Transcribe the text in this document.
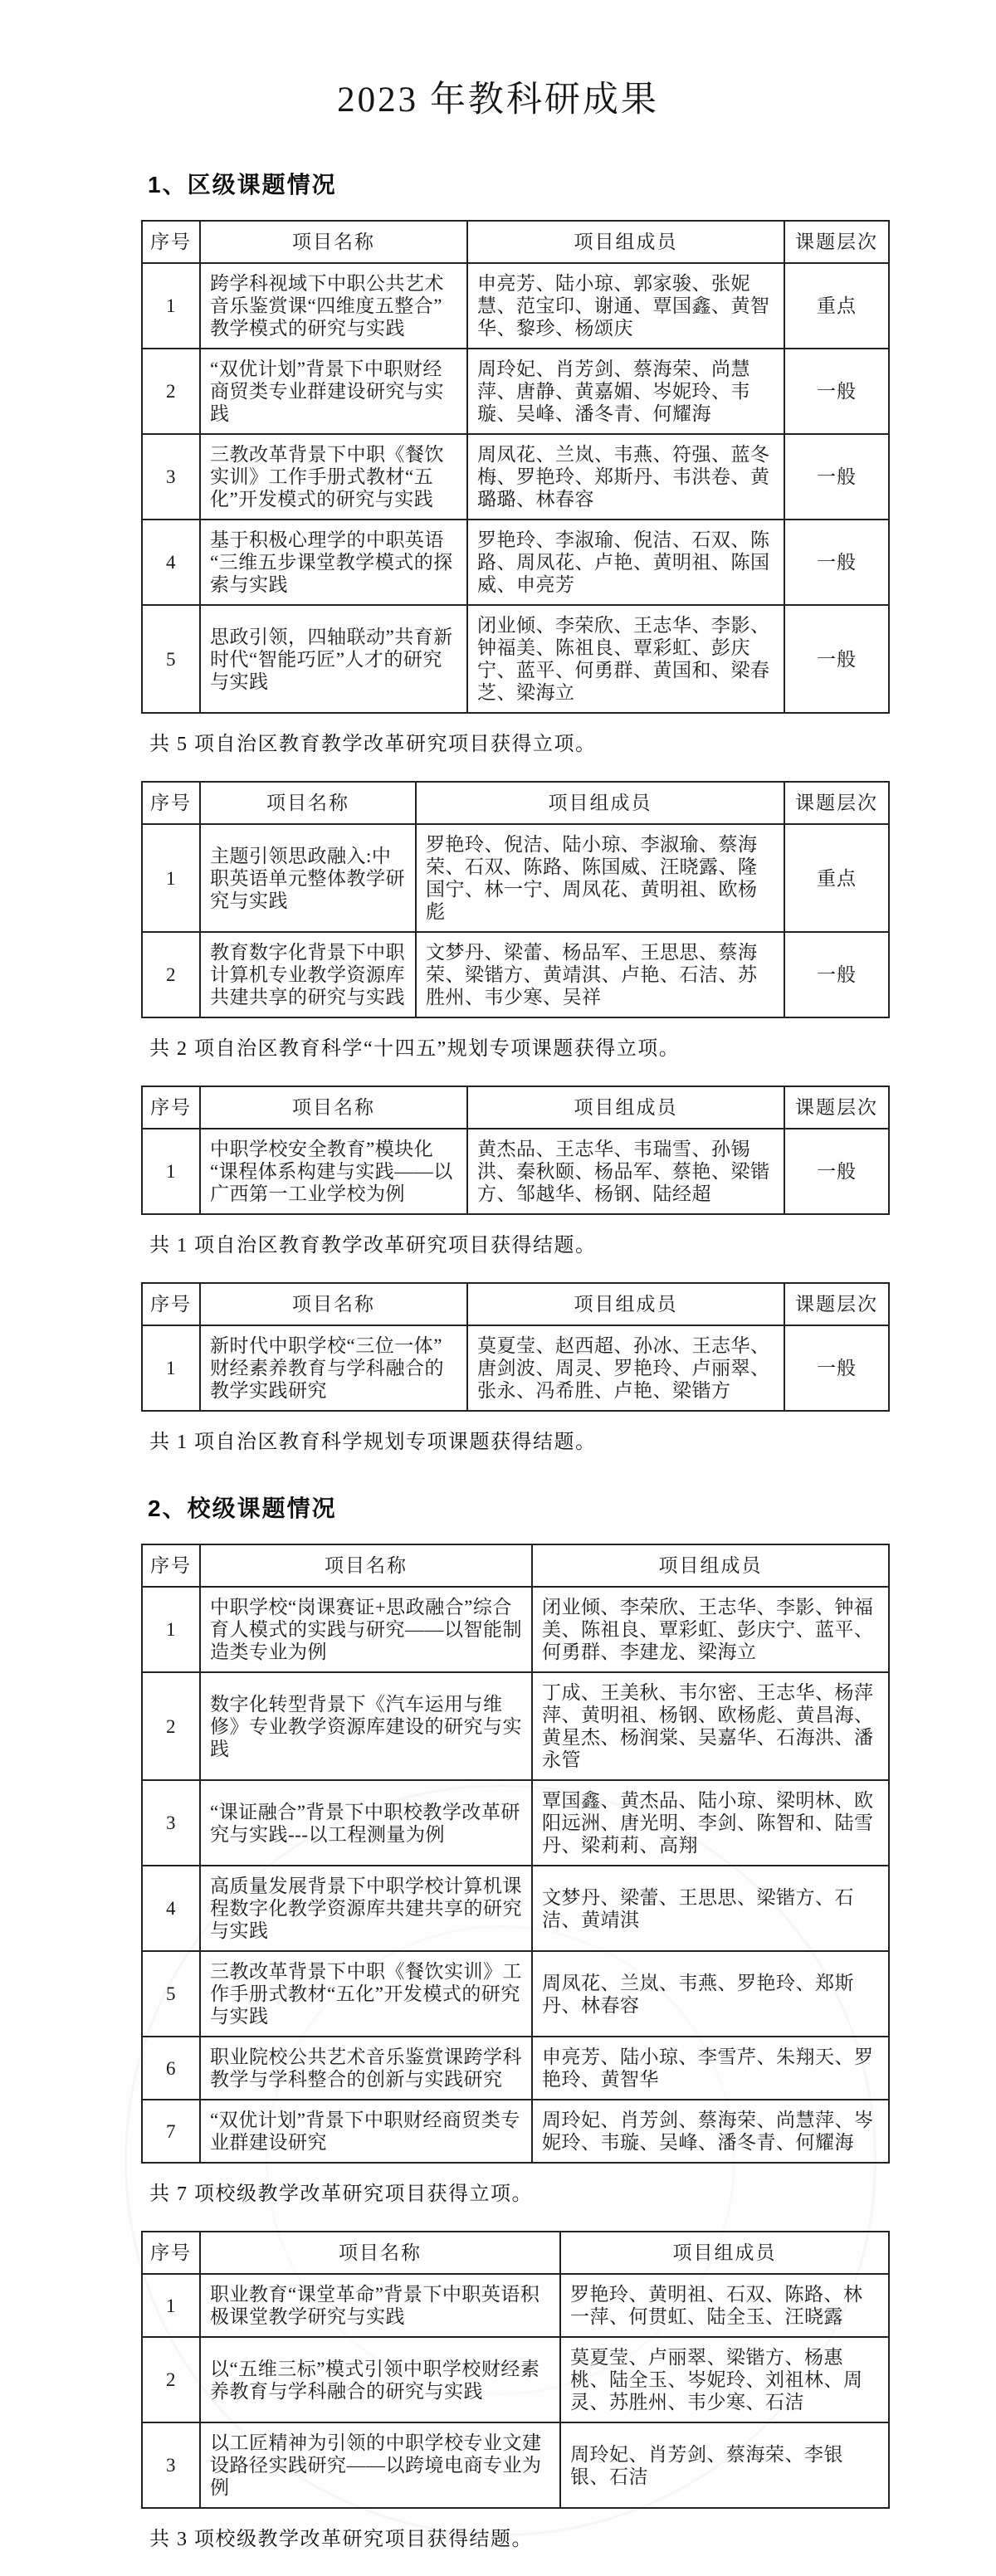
2023 年教科研成果
1、区级课题情况
序号	项目名称	项目组成员	课题层次
1	跨学科视域下中职公共艺术音乐鉴赏课“四维度五整合”教学模式的研究与实践	申亮芳、陆小琼、郭家骏、张妮慧、范宝印、谢通、覃国鑫、黄智华、黎珍、杨颂庆	重点
2	“双优计划”背景下中职财经商贸类专业群建设研究与实践	周玲妃、肖芳剑、蔡海荣、尚慧萍、唐静、黄嘉媚、岑妮玲、韦璇、吴峰、潘冬青、何耀海	一般
3	三教改革背景下中职《餐饮实训》工作手册式教材“五化”开发模式的研究与实践	周凤花、兰岚、韦燕、符强、蓝冬梅、罗艳玲、郑斯丹、韦洪卷、黄璐璐、林春容	一般
4	基于积极心理学的中职英语“三维五步课堂教学模式的探索与实践	罗艳玲、李淑瑜、倪洁、石双、陈路、周凤花、卢艳、黄明祖、陈国威、申亮芳	一般
5	思政引领，四轴联动”共育新时代“智能巧匠”人才的研究与实践	闭业倾、李荣欣、王志华、李影、钟福美、陈祖良、覃彩虹、彭庆宁、蓝平、何勇群、黄国和、梁春芝、梁海立	一般

共 5 项自治区教育教学改革研究项目获得立项。

序号	项目名称	项目组成员	课题层次
1	主题引领思政融入:中职英语单元整体教学研究与实践	罗艳玲、倪洁、陆小琼、李淑瑜、蔡海荣、石双、陈路、陈国威、汪晓露、隆国宁、林一宁、周凤花、黄明祖、欧杨彪	重点
2	教育数字化背景下中职计算机专业教学资源库共建共享的研究与实践	文梦丹、梁蕾、杨品军、王思思、蔡海荣、梁锴方、黄靖淇、卢艳、石洁、苏胜州、韦少寒、吴祥	一般

共 2 项自治区教育科学“十四五”规划专项课题获得立项。

序号	项目名称	项目组成员	课题层次
1	中职学校安全教育”模块化“课程体系构建与实践——以广西第一工业学校为例	黄杰品、王志华、韦瑞雪、孙锡洪、秦秋颐、杨品军、蔡艳、梁锴方、邹越华、杨钢、陆经超	一般

共 1 项自治区教育教学改革研究项目获得结题。

序号	项目名称	项目组成员	课题层次
1	新时代中职学校“三位一体”财经素养教育与学科融合的教学实践研究	莫夏莹、赵西超、孙冰、王志华、唐剑波、周灵、罗艳玲、卢丽翠、张永、冯希胜、卢艳、梁锴方	一般

共 1 项自治区教育科学规划专项课题获得结题。

2、校级课题情况
序号	项目名称	项目组成员
1	中职学校“岗课赛证+思政融合”综合育人模式的实践与研究——以智能制造类专业为例	闭业倾、李荣欣、王志华、李影、钟福美、陈祖良、覃彩虹、彭庆宁、蓝平、何勇群、李建龙、梁海立
2	数字化转型背景下《汽车运用与维修》专业教学资源库建设的研究与实践	丁成、王美秋、韦尔密、王志华、杨萍萍、黄明祖、杨钢、欧杨彪、黄昌海、黄星杰、杨润棠、吴嘉华、石海洪、潘永管
3	“课证融合”背景下中职校教学改革研究与实践---以工程测量为例	覃国鑫、黄杰品、陆小琼、梁明林、欧阳远洲、唐光明、李剑、陈智和、陆雪丹、梁莉莉、高翔
4	高质量发展背景下中职学校计算机课程数字化教学资源库共建共享的研究与实践	文梦丹、梁蕾、王思思、梁锴方、石洁、黄靖淇
5	三教改革背景下中职《餐饮实训》工作手册式教材“五化”开发模式的研究与实践	周凤花、兰岚、韦燕、罗艳玲、郑斯丹、林春容
6	职业院校公共艺术音乐鉴赏课跨学科教学与学科整合的创新与实践研究	申亮芳、陆小琼、李雪芹、朱翔天、罗艳玲、黄智华
7	“双优计划”背景下中职财经商贸类专业群建设研究	周玲妃、肖芳剑、蔡海荣、尚慧萍、岑妮玲、韦璇、吴峰、潘冬青、何耀海

共 7 项校级教学改革研究项目获得立项。

序号	项目名称	项目组成员
1	职业教育“课堂革命”背景下中职英语积极课堂教学研究与实践	罗艳玲、黄明祖、石双、陈路、林一萍、何贯虹、陆全玉、汪晓露
2	以“五维三标”模式引领中职学校财经素养教育与学科融合的研究与实践	莫夏莹、卢丽翠、梁锴方、杨惠桃、陆全玉、岑妮玲、刘祖林、周灵、苏胜州、韦少寒、石洁
3	以工匠精神为引领的中职学校专业文建设路径实践研究——以跨境电商专业为例	周玲妃、肖芳剑、蔡海荣、李银银、石洁

共 3 项校级教学改革研究项目获得结题。
